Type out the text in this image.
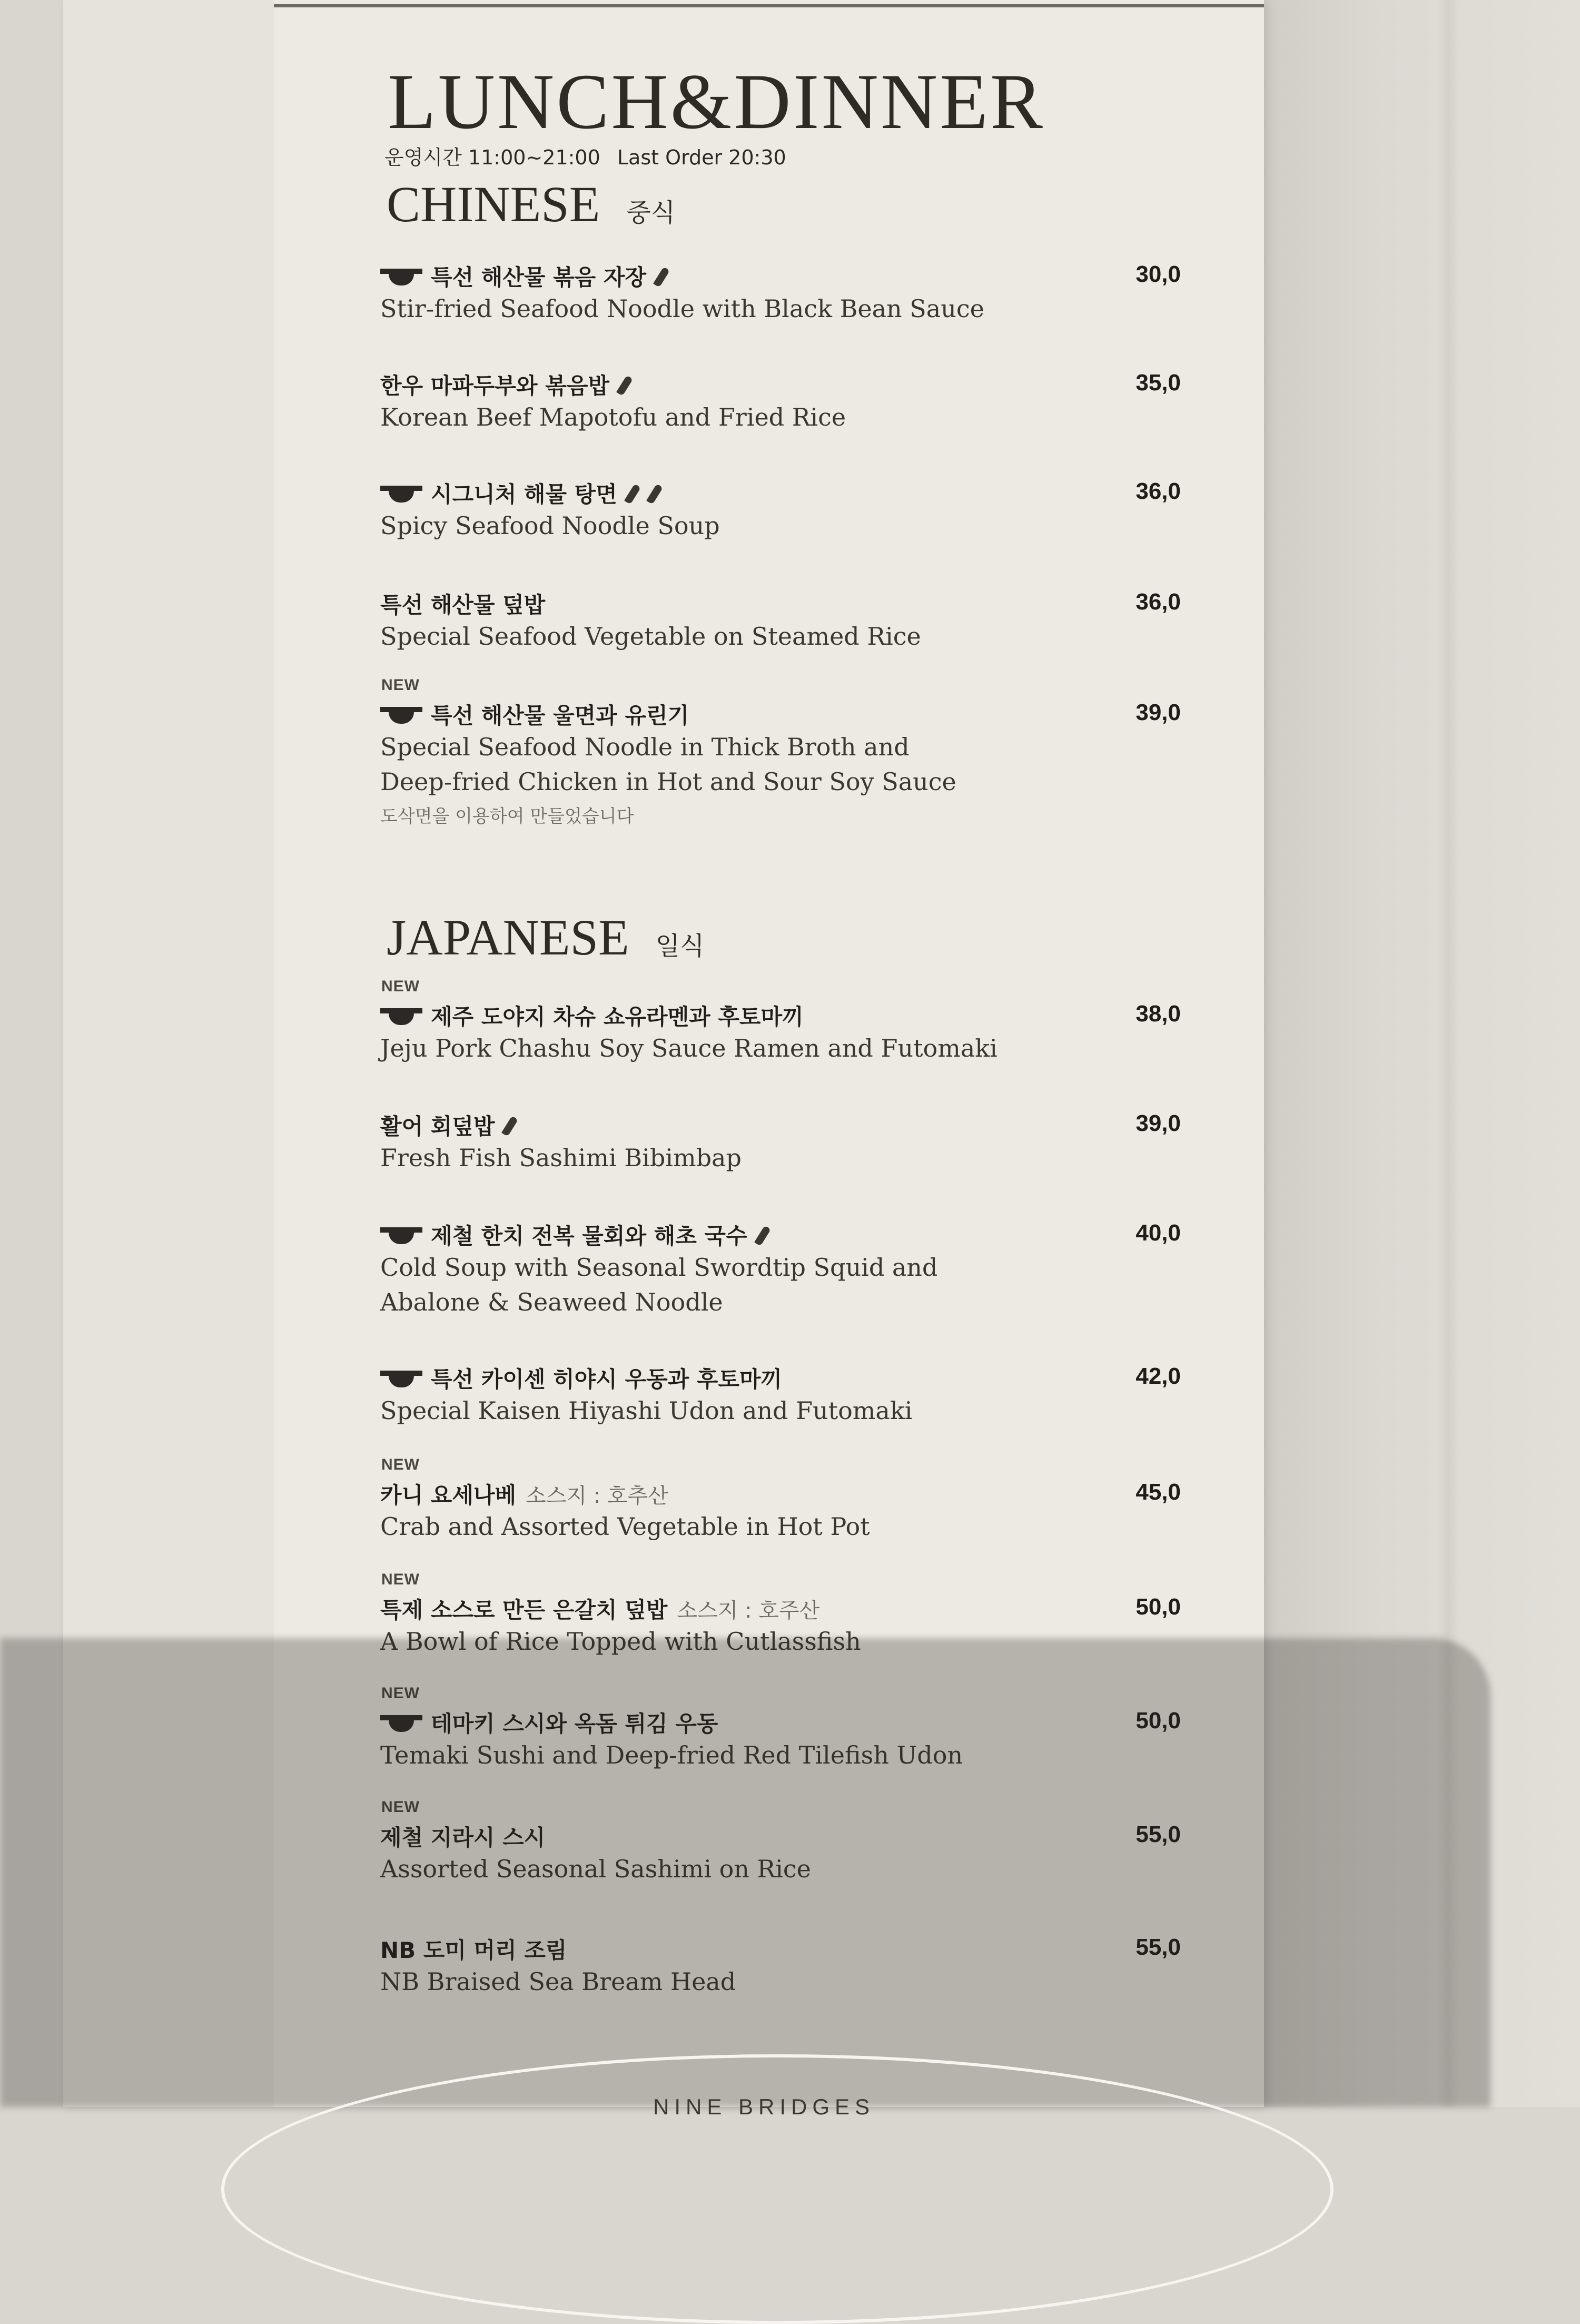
LUNCH&DINNER
운영시간 11:00~21:00 Last Order 20:30
CHINESE 중식
특선 해산물 볶음 자장
Stir-fried Seafood Noodle with Black Bean Sauce
30,0
한우 마파두부와 볶음밥
Korean Beef Mapotofu and Fried Rice
35,0
시그니처 해물 탕면
Spicy Seafood Noodle Soup
36,0
특선 해산물 덮밥
Special Seafood Vegetable on Steamed Rice
36,0
NEW
특선 해산물 울면과 유린기
Special Seafood Noodle in Thick Broth and
Deep-fried Chicken in Hot and Sour Soy Sauce
도삭면을 이용하여 만들었습니다
39,0
JAPANESE 일식
NEW
제주 도야지 차슈 쇼유라멘과 후토마끼
Jeju Pork Chashu Soy Sauce Ramen and Futomaki
38,0
활어 회덮밥
Fresh Fish Sashimi Bibimbap
39,0
제철 한치 전복 물회와 해초 국수
Cold Soup with Seasonal Swordtip Squid and
Abalone & Seaweed Noodle
40,0
특선 카이센 히야시 우동과 후토마끼
Special Kaisen Hiyashi Udon and Futomaki
42,0
NEW
카니 요세나베 소스지 : 호추산
Crab and Assorted Vegetable in Hot Pot
45,0
NEW
특제 소스로 만든 은갈치 덮밥 소스지 : 호주산
A Bowl of Rice Topped with Cutlassfish
50,0
NEW
테마키 스시와 옥돔 튀김 우동
Temaki Sushi and Deep-fried Red Tilefish Udon
50,0
NEW
제철 지라시 스시
Assorted Seasonal Sashimi on Rice
55,0
NB 도미 머리 조림
NB Braised Sea Bream Head
55,0
NINE BRIDGES
